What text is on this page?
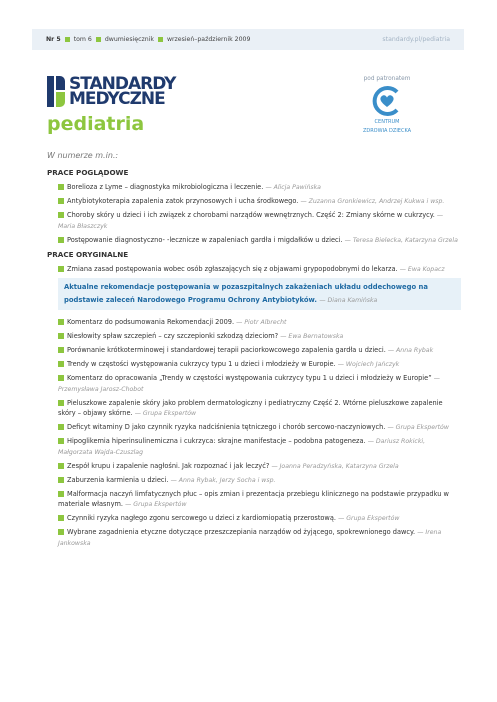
Nr 5 tom 6 dwumiesięcznik wrzesień–październik 2009	standardy.pl/pediatria
STANDARDY
MEDYCZNE
pediatria
pod patronatem
CENTRUM
ZDROWIA DZIECKA
W numerze m.in.:
PRACE POGLĄDOWE
Borelioza z Lyme – diagnostyka mikrobiologiczna i leczenie. — Alicja Pawińska
Antybiotykoterapia zapalenia zatok przynosowych i ucha środkowego. — Zuzanna Gronkiewicz, Andrzej Kukwa i wsp.
Choroby skóry u dzieci i ich związek z chorobami narządów wewnętrznych. Część 2: Zmiany skórne w cukrzycy. — Maria Błaszczyk
Postępowanie diagnostyczno- -lecznicze w zapaleniach gardła i migdałków u dzieci. — Teresa Bielecka, Katarzyna Grzela
PRACE ORYGINALNE
Zmiana zasad postępowania wobec osób zgłaszających się z objawami grypopodobnymi do lekarza. — Ewa Kopacz
Aktualne rekomendacje postępowania w pozaszpitalnych zakażeniach układu oddechowego na podstawie zaleceń Narodowego Programu Ochrony Antybiotyków. — Diana Kamińska
Komentarz do podsumowania Rekomendacji 2009. — Piotr Albrecht
Niesłowity spław szczepień – czy szczepionki szkodzą dzieciom? — Ewa Bernatowska
Porównanie krótkoterminowej i standardowej terapii paciorkowcowego zapalenia gardła u dzieci. — Anna Rybak
Trendy w częstości występowania cukrzycy typu 1 u dzieci i młodzieży w Europie. — Wojciech Jańczyk
Komentarz do opracowania „Trendy w częstości występowania cukrzycy typu 1 u dzieci i młodzieży w Europie” — Przemysława Jarosz-Chobot
Pieluszkowe zapalenie skóry jako problem dermatologiczny i pediatryczny Część 2. Wtórne pieluszkowe zapalenie skóry – objawy skórne. — Grupa Ekspertów
Deficyt witaminy D jako czynnik ryzyka nadciśnienia tętniczego i chorób sercowo-naczyniowych. — Grupa Ekspertów
Hipoglikemia hiperinsulinemiczna i cukrzyca: skrajne manifestacje – podobna patogeneza. — Dariusz Rokicki, Małgorzata Wajda-Czuszlag
Zespół krupu i zapalenie nagłośni. Jak rozpoznać i jak leczyć? — Joanna Peradzyńska, Katarzyna Grzela
Zaburzenia karmienia u dzieci. — Anna Rybak, Jerzy Socha i wsp.
Malformacja naczyń limfatycznych płuc – opis zmian i prezentacja przebiegu klinicznego na podstawie przypadku w materiale własnym. — Grupa Ekspertów
Czynniki ryzyka nagłego zgonu sercowego u dzieci z kardiomiopatią przerostową. — Grupa Ekspertów
Wybrane zagadnienia etyczne dotyczące przeszczepiania narządów od żyjącego, spokrewnionego dawcy. — Irena Jankowska
